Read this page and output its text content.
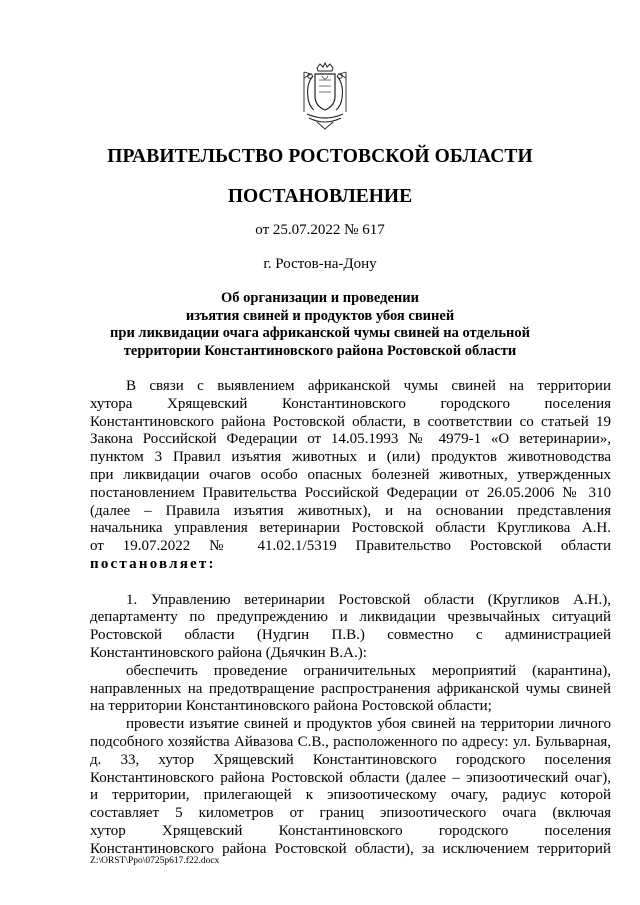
ПРАВИТЕЛЬСТВО РОСТОВСКОЙ ОБЛАСТИ
ПОСТАНОВЛЕНИЕ
от 25.07.2022 № 617
г. Ростов-на-Дону
Об организации и проведении
изъятия свиней и продуктов убоя свиней
при ликвидации очага африканской чумы свиней на отдельной
территории Константиновского района Ростовской области
В связи с выявлением африканской чумы свиней на территории
хутора Хрящевский Константиновского городского поселения
Константиновского района Ростовской области, в соответствии со статьей 19
Закона Российской Федерации от 14.05.1993 № 4979-1 «О ветеринарии»,
пунктом 3 Правил изъятия животных и (или) продуктов животноводства
при ликвидации очагов особо опасных болезней животных, утвержденных
постановлением Правительства Российской Федерации от 26.05.2006 № 310
(далее – Правила изъятия животных), и на основании представления
начальника управления ветеринарии Ростовской области Кругликова А.Н.
от 19.07.2022 № 41.02.1/5319 Правительство Ростовской области
постановляет:
1. Управлению ветеринарии Ростовской области (Кругликов А.Н.),
департаменту по предупреждению и ликвидации чрезвычайных ситуаций
Ростовской области (Нудгин П.В.) совместно с администрацией
Константиновского района (Дьячкин В.А.):
обеспечить проведение ограничительных мероприятий (карантина),
направленных на предотвращение распространения африканской чумы свиней
на территории Константиновского района Ростовской области;
провести изъятие свиней и продуктов убоя свиней на территории личного
подсобного хозяйства Айвазова С.В., расположенного по адресу: ул. Бульварная,
д. 33, хутор Хрящевский Константиновского городского поселения
Константиновского района Ростовской области (далее – эпизоотический очаг),
и территории, прилегающей к эпизоотическому очагу, радиус которой
составляет 5 километров от границ эпизоотического очага (включая
хутор Хрящевский Константиновского городского поселения
Константиновского района Ростовской области), за исключением территорий
Z:\ORST\Ppo\0725p617.f22.docx
